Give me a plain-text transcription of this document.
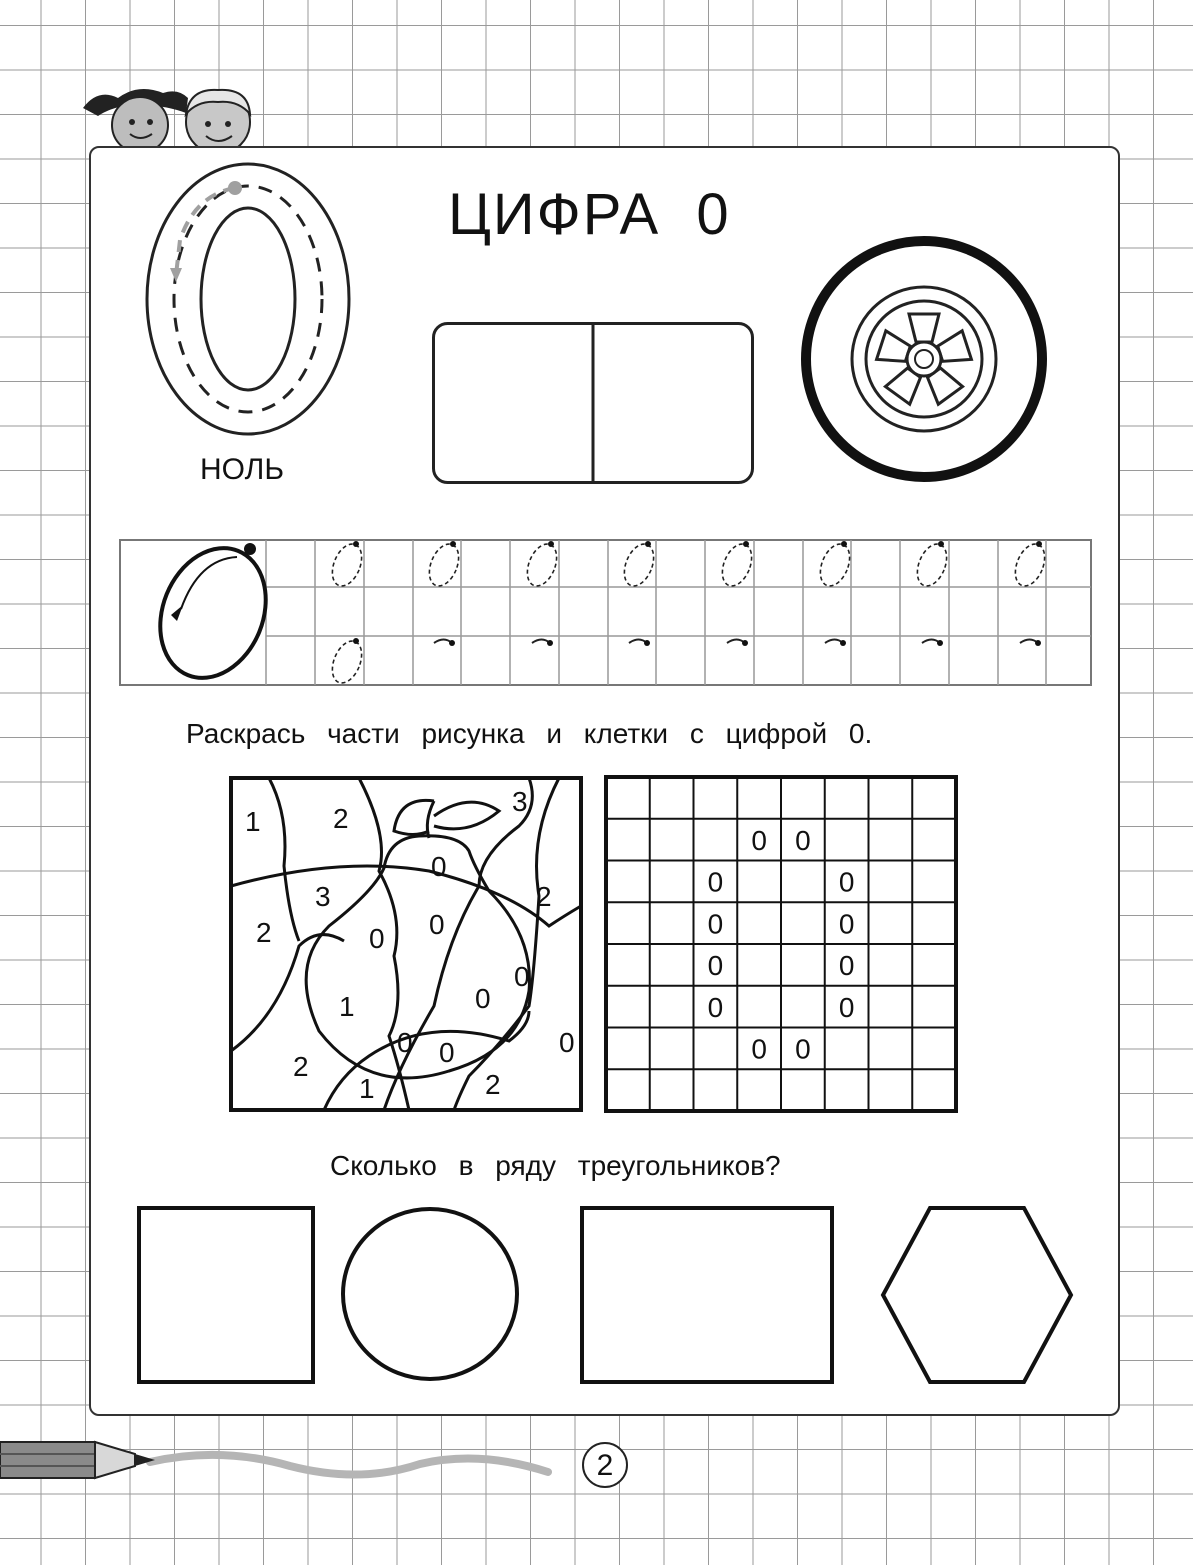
НОЛЬ
ЦИФРА  0
Раскрась части рисунка и клетки с цифрой 0.
1	2
3
0
3	2
2	0 0
0
1	0
0 0	0
2
1	2
0 0
0	0
0	0
0	0
0	0
0 0
Сколько в ряду треугольников?
2
